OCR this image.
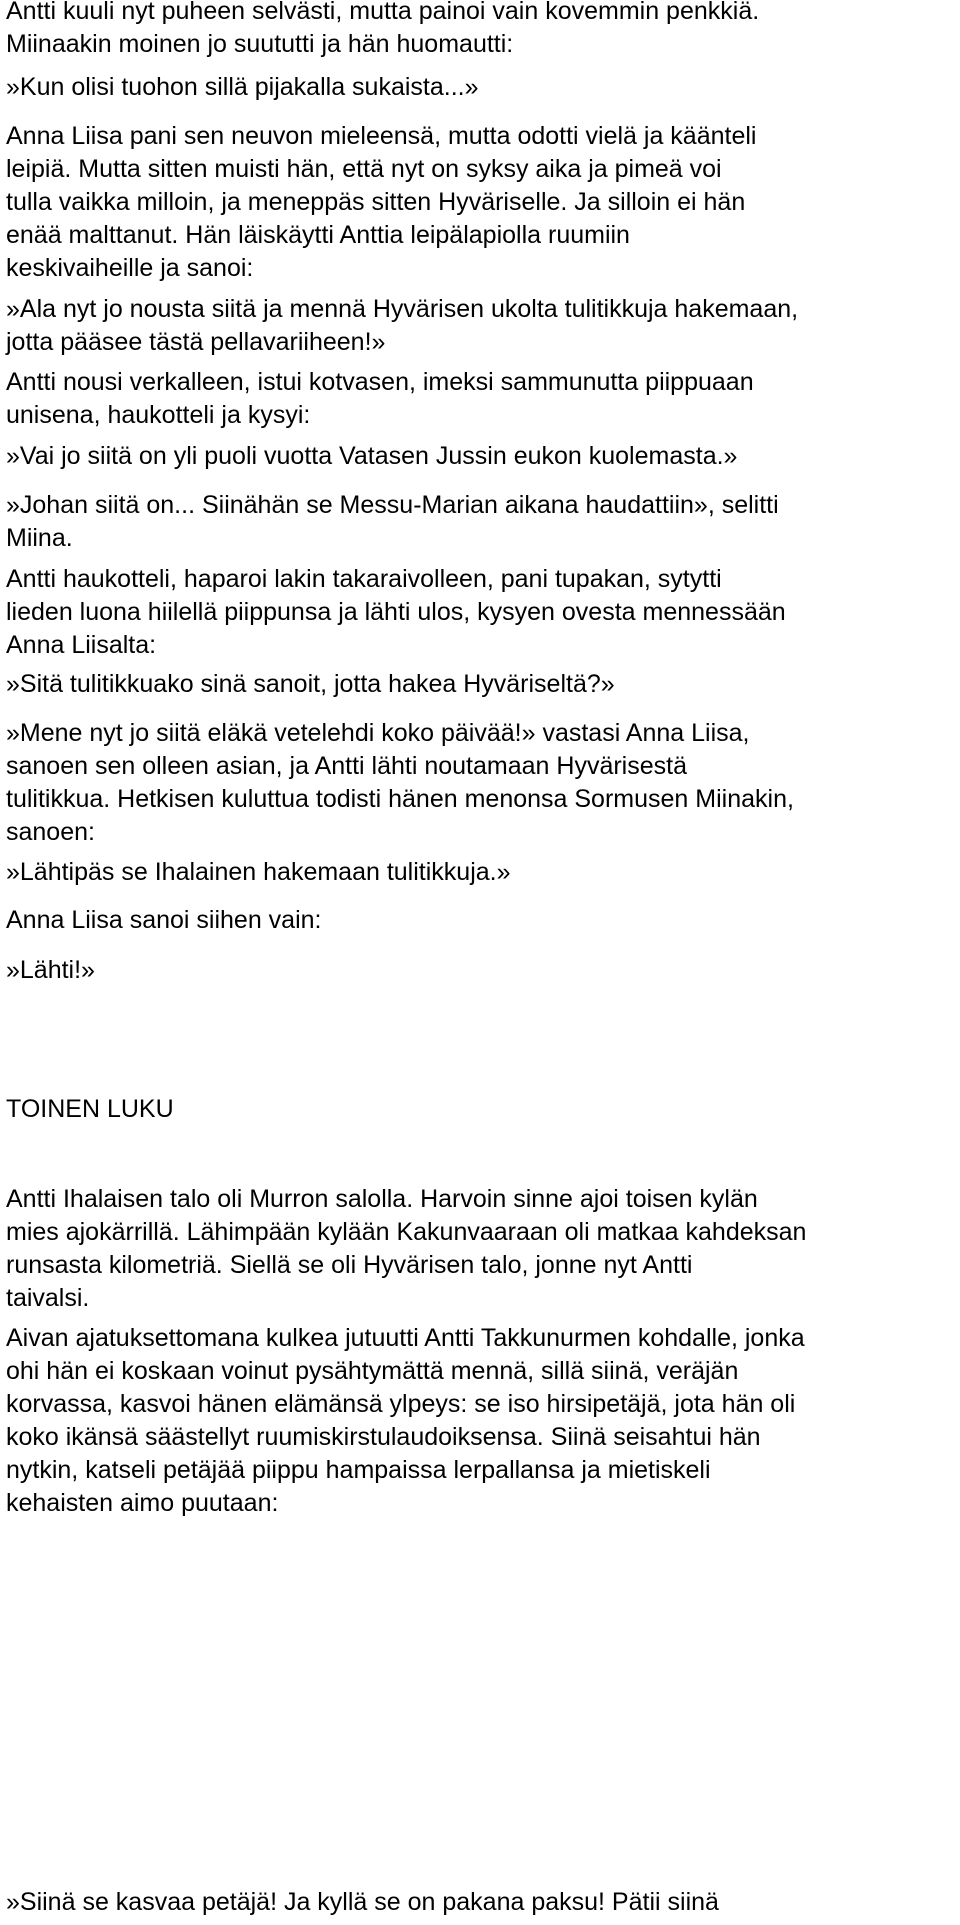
Antti kuuli nyt puheen selvästi, mutta painoi vain kovemmin penkkiä.
Miinaakin moinen jo suututti ja hän huomautti:

»Kun olisi tuohon sillä pijakalla sukaista...»

Anna Liisa pani sen neuvon mieleensä, mutta odotti vielä ja käänteli
leipiä. Mutta sitten muisti hän, että nyt on syksy aika ja pimeä voi
tulla vaikka milloin, ja meneppäs sitten Hyväriselle. Ja silloin ei hän
enää malttanut. Hän läiskäytti Anttia leipälapiolla ruumiin
keskivaiheille ja sanoi:

»Ala nyt jo nousta siitä ja mennä Hyvärisen ukolta tulitikkuja hakemaan,
jotta pääsee tästä pellavariiheen!»

Antti nousi verkalleen, istui kotvasen, imeksi sammunutta piippuaan
unisena, haukotteli ja kysyi:

»Vai jo siitä on yli puoli vuotta Vatasen Jussin eukon kuolemasta.»

»Johan siitä on... Siinähän se Messu-Marian aikana haudattiin», selitti
Miina.

Antti haukotteli, haparoi lakin takaraivolleen, pani tupakan, sytytti
lieden luona hiilellä piippunsa ja lähti ulos, kysyen ovesta mennessään
Anna Liisalta:

»Sitä tulitikkuako sinä sanoit, jotta hakea Hyväriseltä?»

»Mene nyt jo siitä eläkä vetelehdi koko päivää!» vastasi Anna Liisa,
sanoen sen olleen asian, ja Antti lähti noutamaan Hyvärisestä
tulitikkua. Hetkisen kuluttua todisti hänen menonsa Sormusen Miinakin,
sanoen:

»Lähtipäs se Ihalainen hakemaan tulitikkuja.»

Anna Liisa sanoi siihen vain:

»Lähti!»

TOINEN LUKU

Antti Ihalaisen talo oli Murron salolla. Harvoin sinne ajoi toisen kylän
mies ajokärrillä. Lähimpään kylään Kakunvaaraan oli matkaa kahdeksan
runsasta kilometriä. Siellä se oli Hyvärisen talo, jonne nyt Antti
taivalsi.

Aivan ajatuksettomana kulkea jutuutti Antti Takkunurmen kohdalle, jonka
ohi hän ei koskaan voinut pysähtymättä mennä, sillä siinä, veräjän
korvassa, kasvoi hänen elämänsä ylpeys: se iso hirsipetäjä, jota hän oli
koko ikänsä säästellyt ruumiskirstulaudoiksensa. Siinä seisahtui hän
nytkin, katseli petäjää piippu hampaissa lerpallansa ja mietiskeli
kehaisten aimo puutaan:

»Siinä se kasvaa petäjä! Ja kyllä se on pakana paksu! Pätii siinä
